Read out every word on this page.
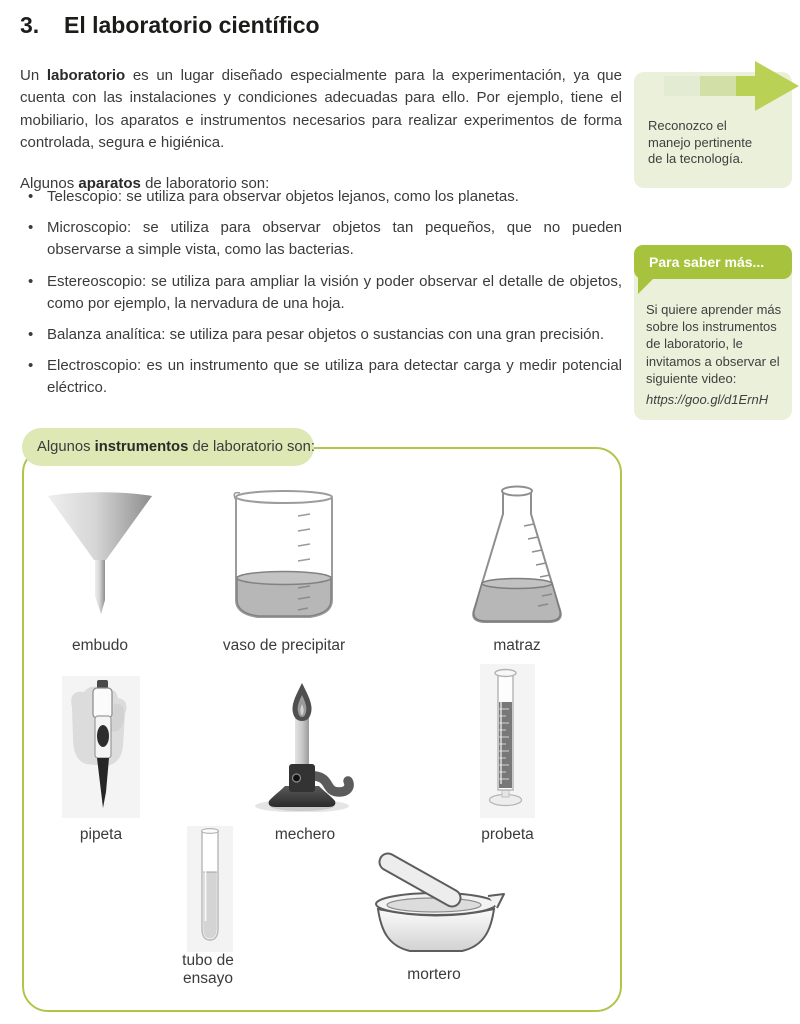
3. El laboratorio científico

Un laboratorio es un lugar diseñado especialmente para la experimentación, ya que cuenta con las instalaciones y condiciones adecuadas para ello. Por ejemplo, tiene el mobiliario, los aparatos e instrumentos necesarios para realizar experimentos de forma controlada, segura e higiénica.

Algunos aparatos de laboratorio son:

• Telescopio: se utiliza para observar objetos lejanos, como los planetas.
• Microscopio: se utiliza para observar objetos tan pequeños, que no pueden observarse a simple vista, como las bacterias.
• Estereoscopio: se utiliza para ampliar la visión y poder observar el detalle de objetos, como por ejemplo, la nervadura de una hoja.
• Balanza analítica: se utiliza para pesar objetos o sustancias con una gran precisión.
• Electroscopio: es un instrumento que se utiliza para detectar carga y medir potencial eléctrico.
Reconozco el manejo pertinente de la tecnología.
Para saber más...
Si quiere aprender más sobre los instrumentos de laboratorio, le invitamos a observar el siguiente video:
https://goo.gl/d1ErnH
Algunos instrumentos de laboratorio son:
embudo	vaso de precipitar	matraz
pipeta	mechero	probeta
tubo de ensayo	mortero
